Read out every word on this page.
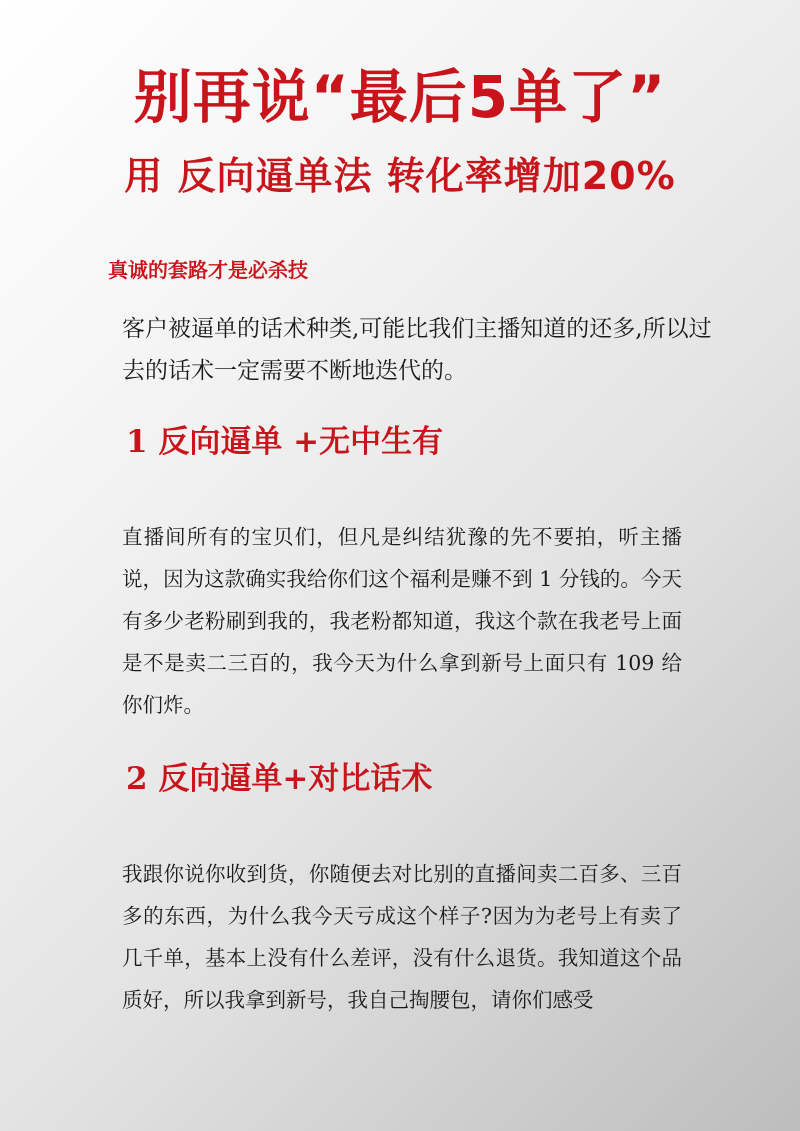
别再说“最后5单了”
用 反向逼单法 转化率增加20%
真诚的套路才是必杀技

客户被逼单的话术种类,可能比我们主播知道的还多,所以过去的话术一定需要不断地迭代的。

1 反向逼单 +无中生有

直播间所有的宝贝们，但凡是纠结犹豫的先不要拍，听主播说，因为这款确实我给你们这个福利是赚不到 1 分钱的。今天有多少老粉刷到我的，我老粉都知道，我这个款在我老号上面是不是卖二三百的，我今天为什么拿到新号上面只有 109 给你们炸。

2 反向逼单+对比话术

我跟你说你收到货，你随便去对比别的直播间卖二百多、三百多的东西，为什么我今天亏成这个样子?因为为老号上有卖了几千单，基本上没有什么差评，没有什么退货。我知道这个品质好，所以我拿到新号，我自己掏腰包，请你们感受
